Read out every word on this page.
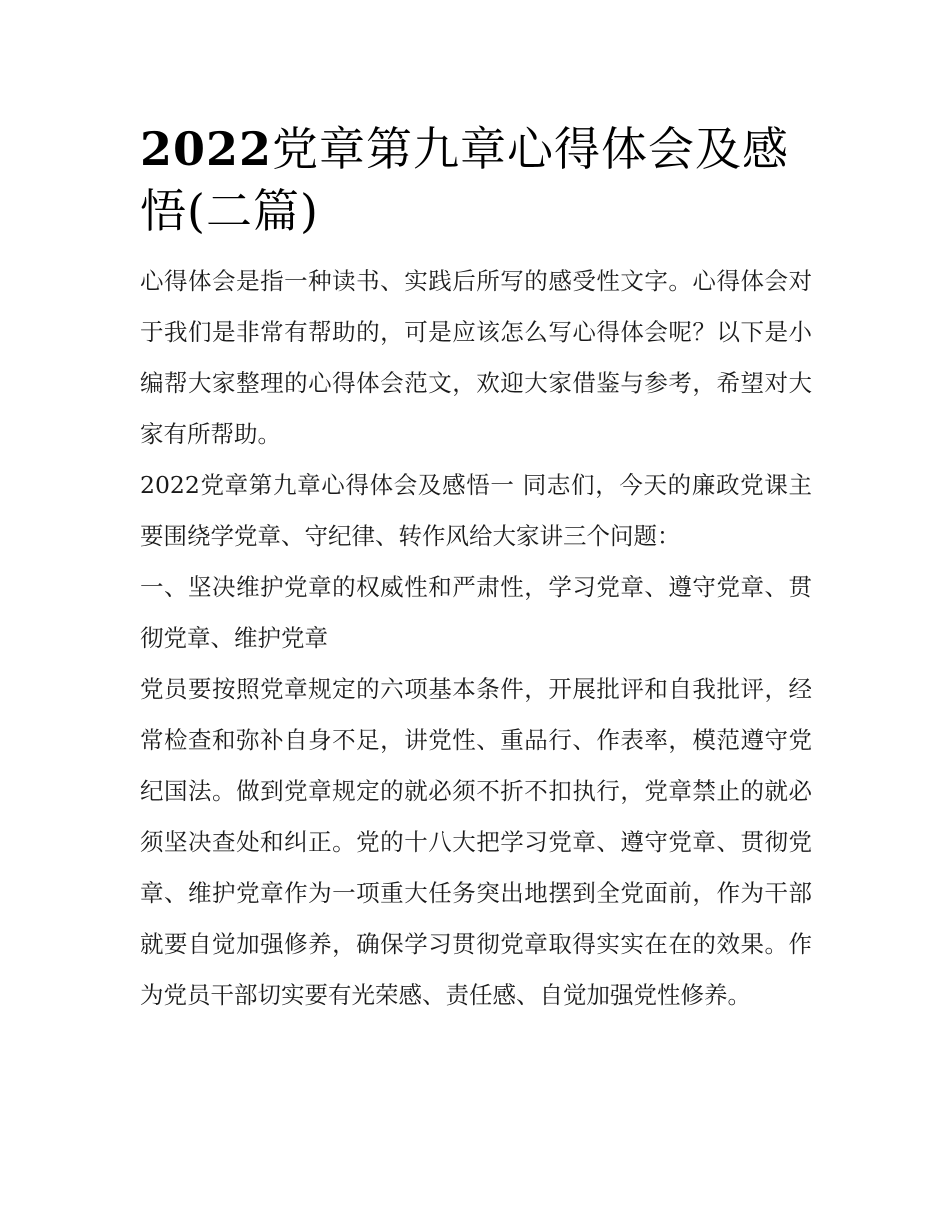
2022党章第九章心得体会及感悟(二篇)

心得体会是指一种读书、实践后所写的感受性文字。心得体会对于我们是非常有帮助的，可是应该怎么写心得体会呢？以下是小编帮大家整理的心得体会范文，欢迎大家借鉴与参考，希望对大家有所帮助。

2022党章第九章心得体会及感悟一 同志们，今天的廉政党课主要围绕学党章、守纪律、转作风给大家讲三个问题：

一、坚决维护党章的权威性和严肃性，学习党章、遵守党章、贯彻党章、维护党章

党员要按照党章规定的六项基本条件，开展批评和自我批评，经常检查和弥补自身不足，讲党性、重品行、作表率，模范遵守党纪国法。做到党章规定的就必须不折不扣执行，党章禁止的就必须坚决查处和纠正。党的十八大把学习党章、遵守党章、贯彻党章、维护党章作为一项重大任务突出地摆到全党面前，作为干部就要自觉加强修养，确保学习贯彻党章取得实实在在的效果。作为党员干部切实要有光荣感、责任感、自觉加强党性修养。
